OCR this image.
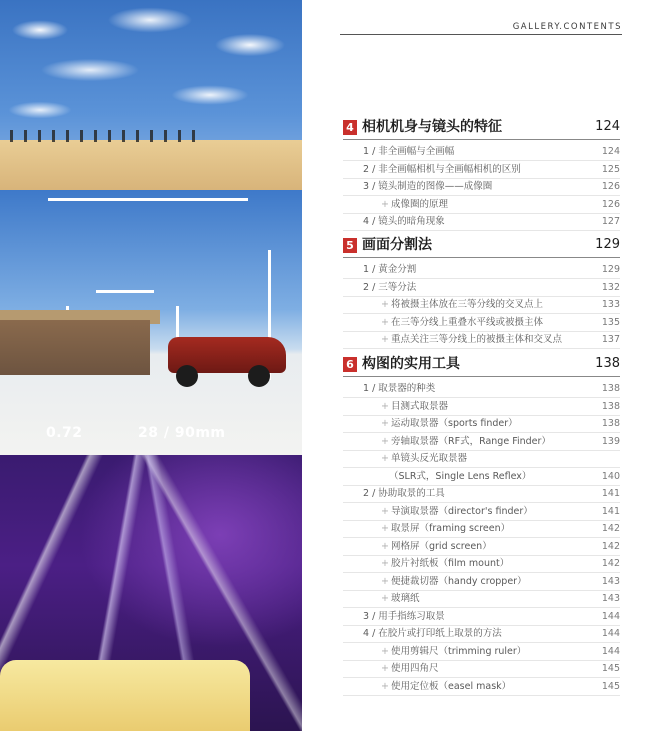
0.72	28 / 90mm
GALLERY.CONTENTS
4 相机机身与镜头的特征	124
1 / 非全画幅与全画幅	124
2 / 非全画幅相机与全画幅相机的区别	125
3 / 镜头制造的图像——成像圈	126
+ 成像圈的原理	126
4 / 镜头的暗角现象	127
5 画面分割法	129
1 / 黄金分割	129
2 / 三等分法	132
+ 将被摄主体放在三等分线的交叉点上	133
+ 在三等分线上重叠水平线或被摄主体	135
+ 重点关注三等分线上的被摄主体和交叉点	137
6 构图的实用工具	138
1 / 取景器的种类	138
+ 目测式取景器	138
+ 运动取景器（sports finder）	138
+ 旁轴取景器（RF式，Range Finder）	139
+ 单镜头反光取景器
（SLR式，Single Lens Reflex）	140
2 / 协助取景的工具	141
+ 导演取景器（director's finder）	141
+ 取景屏（framing screen）	142
+ 网格屏（grid screen）	142
+ 胶片衬纸板（film mount）	142
+ 便捷裁切器（handy cropper）	143
+ 玻璃纸	143
3 / 用手指练习取景	144
4 / 在胶片或打印纸上取景的方法	144
+ 使用剪辑尺（trimming ruler）	144
+ 使用四角尺	145
+ 使用定位板（easel mask）	145
